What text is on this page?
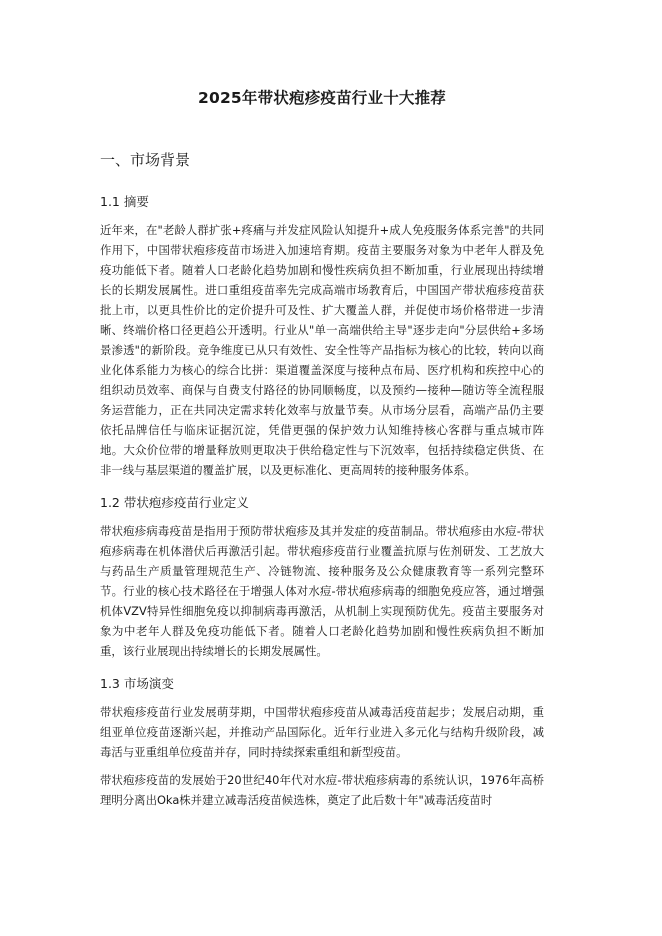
2025年带状疱疹疫苗行业十大推荐
一、市场背景
1.1 摘要

近年来，在"老龄人群扩张+疼痛与并发症风险认知提升+成人免疫服务体系完善"的共同作用下，中国带状疱疹疫苗市场进入加速培育期。疫苗主要服务对象为中老年人群及免疫功能低下者。随着人口老龄化趋势加剧和慢性疾病负担不断加重，行业展现出持续增长的长期发展属性。进口重组疫苗率先完成高端市场教育后，中国国产带状疱疹疫苗获批上市，以更具性价比的定价提升可及性、扩大覆盖人群，并促使市场价格带进一步清晰、终端价格口径更趋公开透明。行业从"单一高端供给主导"逐步走向"分层供给+多场景渗透"的新阶段。竞争维度已从只有效性、安全性等产品指标为核心的比较，转向以商业化体系能力为核心的综合比拼：渠道覆盖深度与接种点布局、医疗机构和疾控中心的组织动员效率、商保与自费支付路径的协同顺畅度，以及预约—接种—随访等全流程服务运营能力，正在共同决定需求转化效率与放量节奏。从市场分层看，高端产品仍主要依托品牌信任与临床证据沉淀，凭借更强的保护效力认知维持核心客群与重点城市阵地。大众价位带的增量释放则更取决于供给稳定性与下沉效率，包括持续稳定供货、在非一线与基层渠道的覆盖扩展，以及更标准化、更高周转的接种服务体系。

1.2 带状疱疹疫苗行业定义

带状疱疹病毒疫苗是指用于预防带状疱疹及其并发症的疫苗制品。带状疱疹由水痘-带状疱疹病毒在机体潜伏后再激活引起。带状疱疹疫苗行业覆盖抗原与佐剂研发、工艺放大与药品生产质量管理规范生产、冷链物流、接种服务及公众健康教育等一系列完整环节。行业的核心技术路径在于增强人体对水痘-带状疱疹病毒的细胞免疫应答，通过增强机体VZV特异性细胞免疫以抑制病毒再激活，从机制上实现预防优先。疫苗主要服务对象为中老年人群及免疫功能低下者。随着人口老龄化趋势加剧和慢性疾病负担不断加重，该行业展现出持续增长的长期发展属性。

1.3 市场演变

带状疱疹疫苗行业发展萌芽期，中国带状疱疹疫苗从减毒活疫苗起步；发展启动期，重组亚单位疫苗逐渐兴起，并推动产品国际化。近年行业进入多元化与结构升级阶段，减毒活与亚重组单位疫苗并存，同时持续探索重组和新型疫苗。

带状疱疹疫苗的发展始于20世纪40年代对水痘-带状疱疹病毒的系统认识，1976年高桥理明分离出Oka株并建立减毒活疫苗候选株，奠定了此后数十年"减毒活疫苗时
